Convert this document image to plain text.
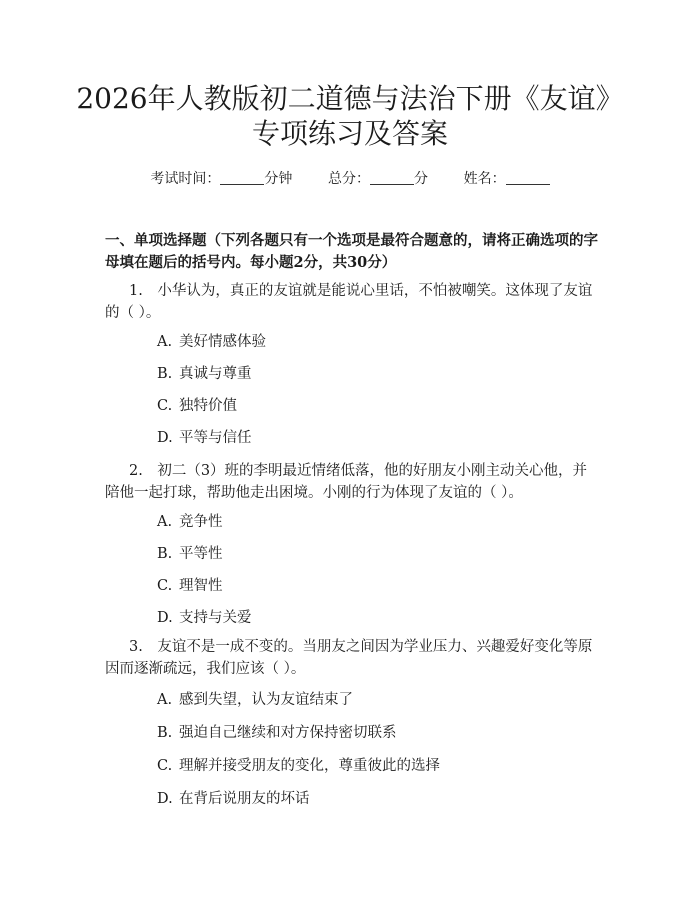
2026年人教版初二道德与法治下册《友谊》
专项练习及答案
考试时间：	分钟	总分：	分	姓名：
一、单项选择题（下列各题只有一个选项是最符合题意的，请将正确选项的字母填在题后的括号内。每小题2分，共30分）
1.　小华认为，真正的友谊就是能说心里话，不怕被嘲笑。这体现了友谊的（ ）。
A. 美好情感体验
B. 真诚与尊重
C. 独特价值
D. 平等与信任
2.　初二（3）班的李明最近情绪低落，他的好朋友小刚主动关心他，并陪他一起打球，帮助他走出困境。小刚的行为体现了友谊的（ ）。
A. 竞争性
B. 平等性
C. 理智性
D. 支持与关爱
3.　友谊不是一成不变的。当朋友之间因为学业压力、兴趣爱好变化等原因而逐渐疏远，我们应该（ ）。
A. 感到失望，认为友谊结束了
B. 强迫自己继续和对方保持密切联系
C. 理解并接受朋友的变化，尊重彼此的选择
D. 在背后说朋友的坏话
